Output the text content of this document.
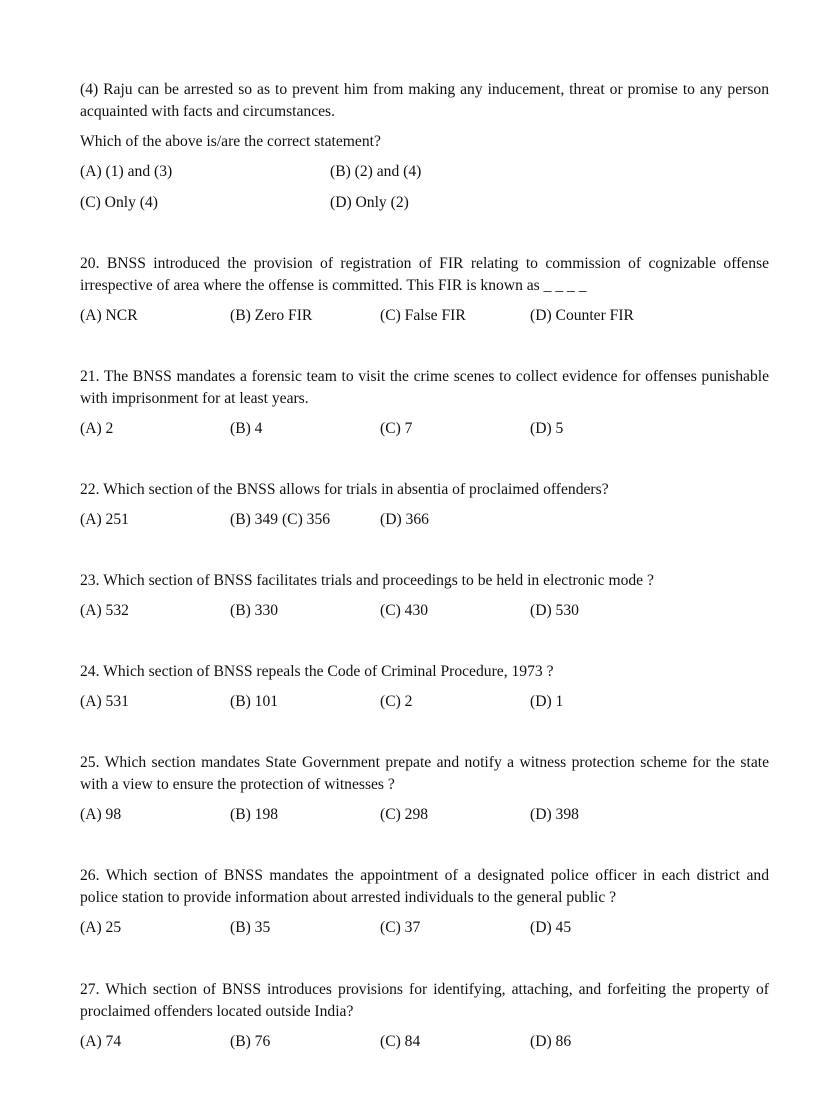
(4) Raju can be arrested so as to prevent him from making any inducement, threat or promise to any person acquainted with facts and circumstances.
Which of the above is/are the correct statement?
(A) (1) and (3)	(B) (2) and (4)
(C) Only (4)	(D) Only (2)
20. BNSS introduced the provision of registration of FIR relating to commission of cognizable offense irrespective of area where the offense is committed. This FIR is known as _ _ _ _
(A) NCR	(B) Zero FIR	(C) False FIR	(D) Counter FIR
21. The BNSS mandates a forensic team to visit the crime scenes to collect evidence for offenses punishable with imprisonment for at least years.
(A) 2	(B) 4	(C) 7	(D) 5
22. Which section of the BNSS allows for trials in absentia of proclaimed offenders?
(A) 251	(B) 349 (C) 356	(D) 366
23. Which section of BNSS facilitates trials and proceedings to be held in electronic mode ?
(A) 532	(B) 330	(C) 430	(D) 530
24. Which section of BNSS repeals the Code of Criminal Procedure, 1973 ?
(A) 531	(B) 101	(C) 2	(D) 1
25. Which section mandates State Government prepate and notify a witness protection scheme for the state with a view to ensure the protection of witnesses ?
(A) 98	(B) 198	(C) 298	(D) 398
26. Which section of BNSS mandates the appointment of a designated police officer in each district and police station to provide information about arrested individuals to the general public ?
(A) 25	(B) 35	(C) 37	(D) 45
27. Which section of BNSS introduces provisions for identifying, attaching, and forfeiting the property of proclaimed offenders located outside India?
(A) 74	(B) 76	(C) 84	(D) 86
